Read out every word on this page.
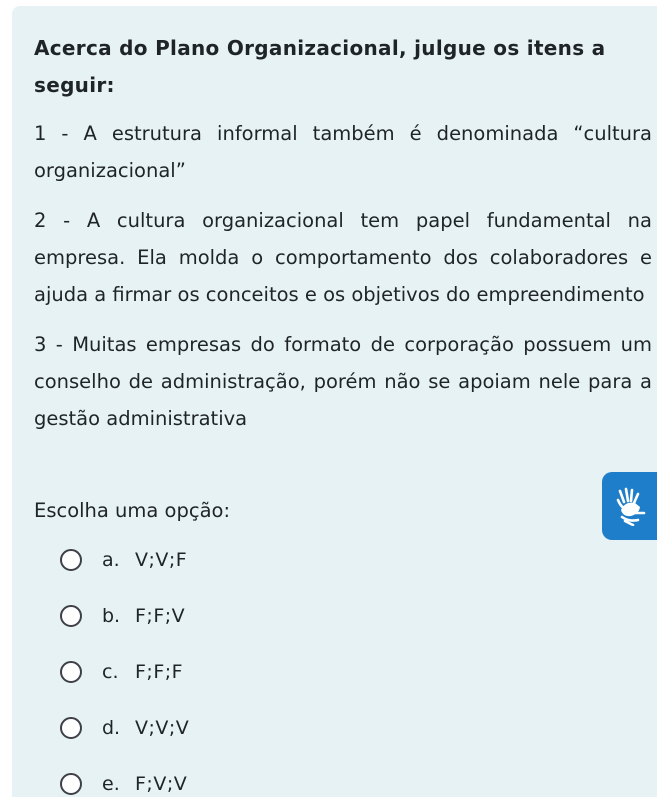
Acerca do Plano Organizacional, julgue os itens a seguir:

1 - A estrutura informal também é denominada “cultura organizacional”

2 - A cultura organizacional tem papel fundamental na empresa. Ela molda o comportamento dos colaboradores e ajuda a firmar os conceitos e os objetivos do empreendimento

3 - Muitas empresas do formato de corporação possuem um conselho de administração, porém não se apoiam nele para a gestão administrativa

Escolha uma opção:
a. V;V;F
b. F;F;V
c. F;F;F
d. V;V;V
e. F;V;V
